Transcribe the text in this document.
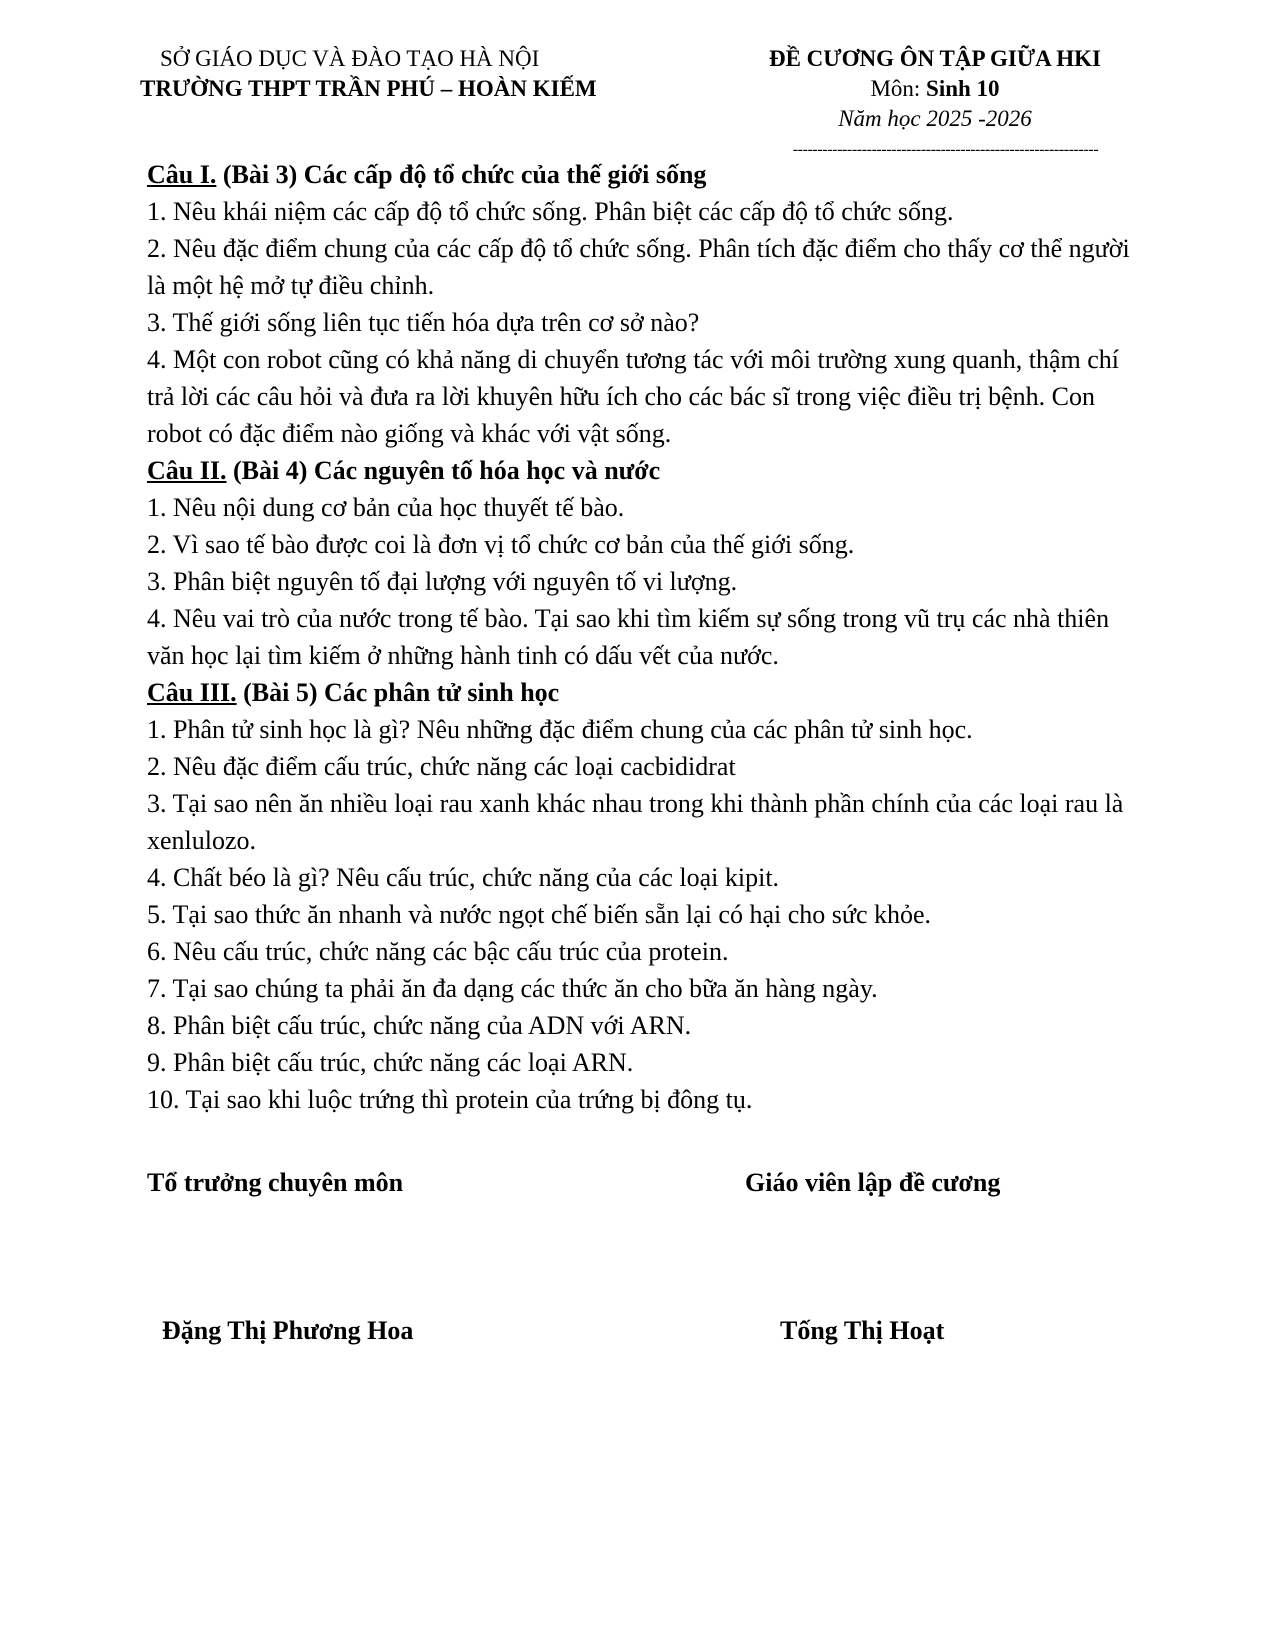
SỞ GIÁO DỤC VÀ ĐÀO TẠO HÀ NỘI
TRƯỜNG THPT TRẦN PHÚ – HOÀN KIẾM
ĐỀ CƯƠNG ÔN TẬP GIỮA HKI
Môn: Sinh 10
Năm học 2025 -2026
--------------------------------------------------------------

Câu I. (Bài 3) Các cấp độ tổ chức của thế giới sống

1. Nêu khái niệm các cấp độ tổ chức sống. Phân biệt các cấp độ tổ chức sống.

2. Nêu đặc điểm chung của các cấp độ tổ chức sống. Phân tích đặc điểm cho thấy cơ thể người là một hệ mở tự điều chỉnh.

3. Thế giới sống liên tục tiến hóa dựa trên cơ sở nào?

4. Một con robot cũng có khả năng di chuyển tương tác với môi trường xung quanh, thậm chí trả lời các câu hỏi và đưa ra lời khuyên hữu ích cho các bác sĩ trong việc điều trị bệnh. Con robot có đặc điểm nào giống và khác với vật sống.

Câu II. (Bài 4) Các nguyên tố hóa học và nước

1. Nêu nội dung cơ bản của học thuyết tế bào.

2. Vì sao tế bào được coi là đơn vị tổ chức cơ bản của thế giới sống.

3. Phân biệt nguyên tố đại lượng với nguyên tố vi lượng.

4. Nêu vai trò của nước trong tế bào. Tại sao khi tìm kiếm sự sống trong vũ trụ các nhà thiên văn học lại tìm kiếm ở những hành tinh có dấu vết của nước.

Câu III. (Bài 5) Các phân tử sinh học

1. Phân tử sinh học là gì? Nêu những đặc điểm chung của các phân tử sinh học.

2. Nêu đặc điểm cấu trúc, chức năng các loại cacbididrat

3. Tại sao nên ăn nhiều loại rau xanh khác nhau trong khi thành phần chính của các loại rau là xenlulozo.

4. Chất béo là gì? Nêu cấu trúc, chức năng của các loại kipit.

5. Tại sao thức ăn nhanh và nước ngọt chế biến sẵn lại có hại cho sức khỏe.

6. Nêu cấu trúc, chức năng các bậc cấu trúc của protein.

7. Tại sao chúng ta phải ăn đa dạng các thức ăn cho bữa ăn hàng ngày.

8. Phân biệt cấu trúc, chức năng của ADN với ARN.

9. Phân biệt cấu trúc, chức năng các loại ARN.

10. Tại sao khi luộc trứng thì protein của trứng bị đông tụ.

Tổ trưởng chuyên môn	Giáo viên lập đề cương
Đặng Thị Phương Hoa	Tống Thị Hoạt
